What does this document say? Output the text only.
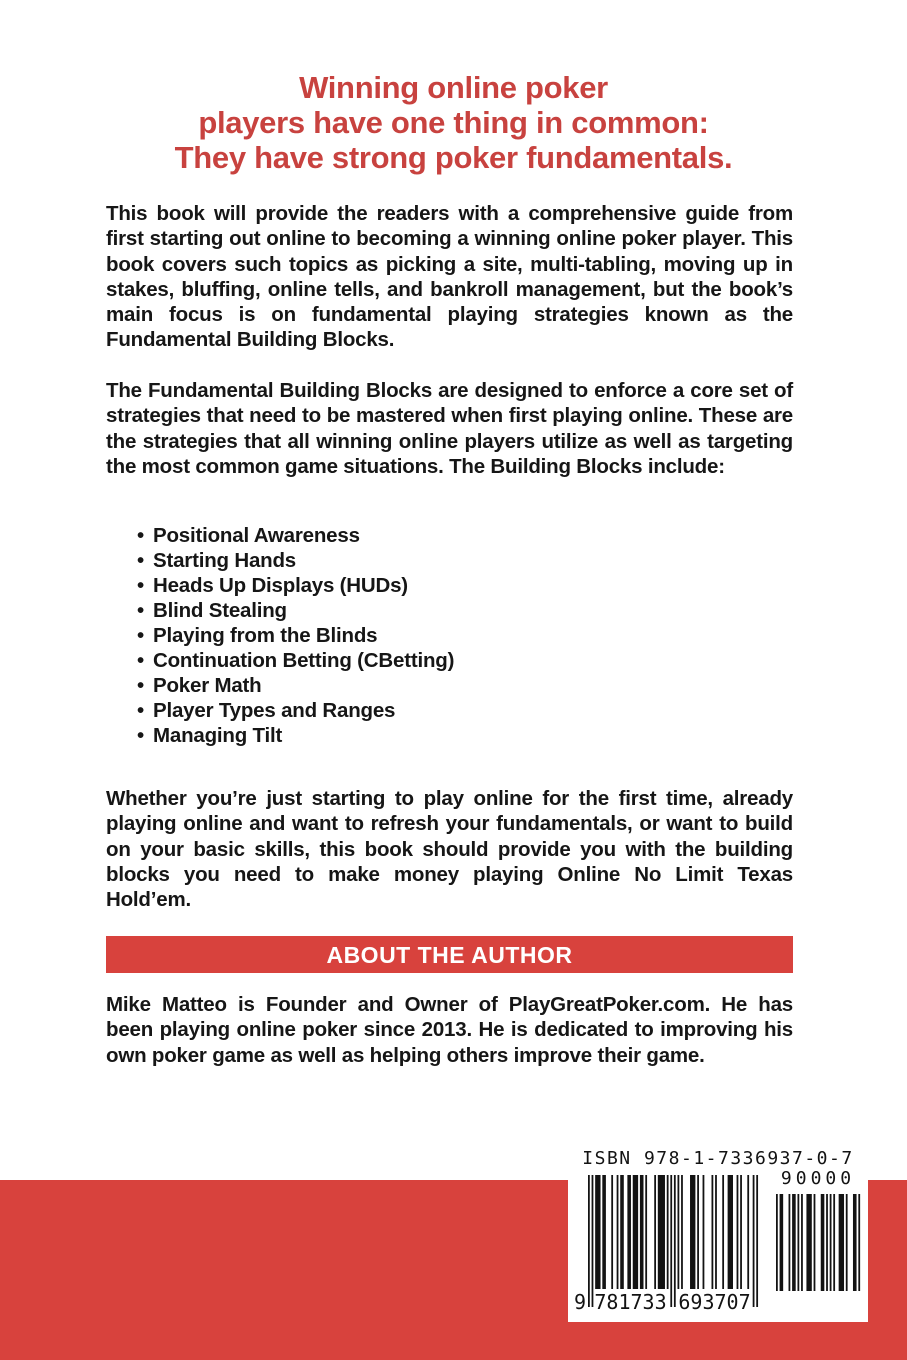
Winning online poker
players have one thing in common:
They have strong poker fundamentals.

This book will provide the readers with a comprehensive guide from first starting out online to becoming a winning online poker player. This book covers such topics as picking a site, multi-tabling, moving up in stakes, bluffing, online tells, and bankroll management, but the book’s main focus is on fundamental playing strategies known as the Fundamental Building Blocks.

The Fundamental Building Blocks are designed to enforce a core set of strategies that need to be mastered when first playing online. These are the strategies that all winning online players utilize as well as targeting the most common game situations. The Building Blocks include:

• Positional Awareness
• Starting Hands
• Heads Up Displays (HUDs)
• Blind Stealing
• Playing from the Blinds
• Continuation Betting (CBetting)
• Poker Math
• Player Types and Ranges
• Managing Tilt

Whether you’re just starting to play online for the first time, already playing online and want to refresh your fundamentals, or want to build on your basic skills, this book should provide you with the building blocks you need to make money playing Online No Limit Texas Hold’em.

ABOUT THE AUTHOR

Mike Matteo is Founder and Owner of PlayGreatPoker.com. He has been playing online poker since 2013. He is dedicated to improving his own poker game as well as helping others improve their game.

ISBN 978-1-7336937-0-7
90000
9 781733 693707
